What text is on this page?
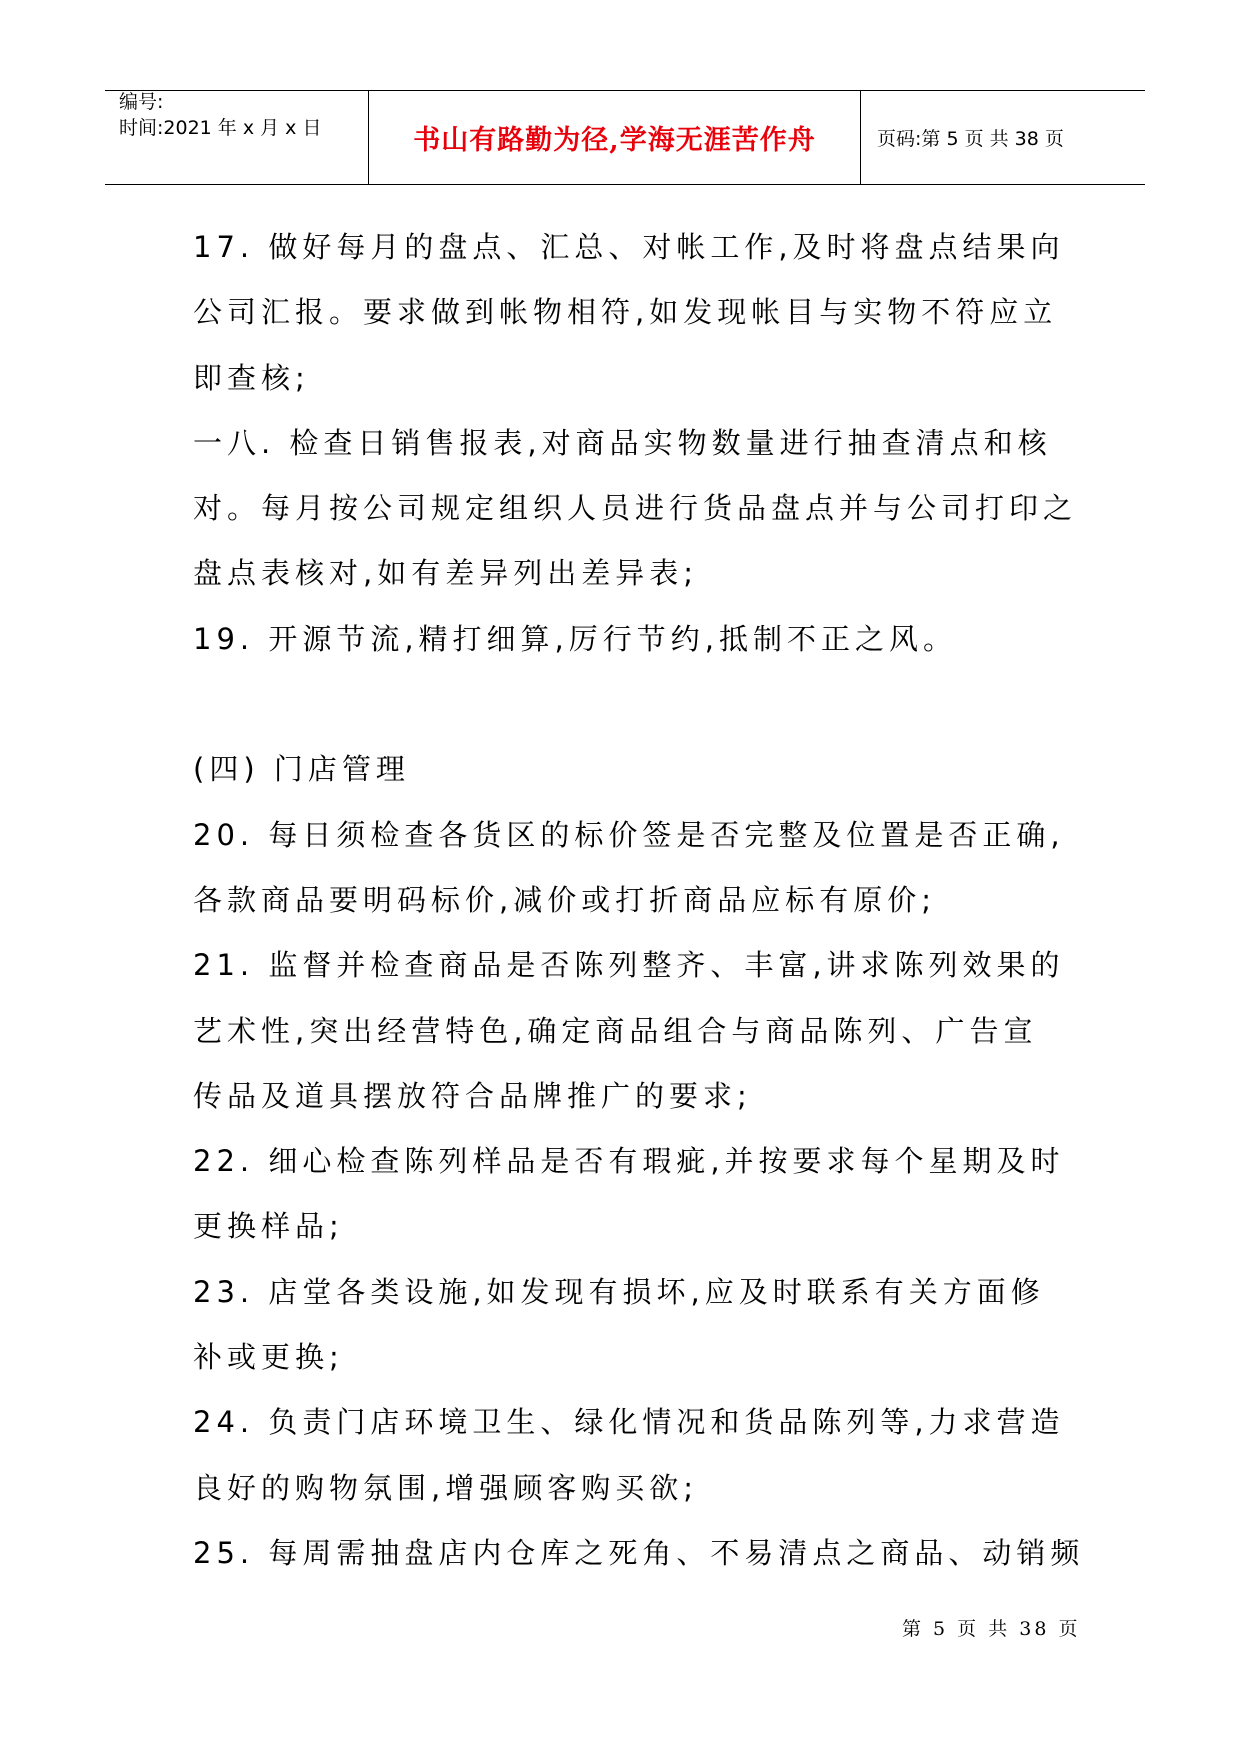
编号:
时间:2021 年 x 月 x 日	书山有路勤为径,学海无涯苦作舟	页码:第 5 页 共 38 页
17. 做好每月的盘点、汇总、对帐工作,及时将盘点结果向
公司汇报。要求做到帐物相符,如发现帐目与实物不符应立
即查核;
一八. 检查日销售报表,对商品实物数量进行抽查清点和核
对。每月按公司规定组织人员进行货品盘点并与公司打印之
盘点表核对,如有差异列出差异表;
19. 开源节流,精打细算,厉行节约,抵制不正之风。
(四) 门店管理
20. 每日须检查各货区的标价签是否完整及位置是否正确,
各款商品要明码标价,减价或打折商品应标有原价;
21. 监督并检查商品是否陈列整齐、丰富,讲求陈列效果的
艺术性,突出经营特色,确定商品组合与商品陈列、广告宣
传品及道具摆放符合品牌推广的要求;
22. 细心检查陈列样品是否有瑕疵,并按要求每个星期及时
更换样品;
23. 店堂各类设施,如发现有损坏,应及时联系有关方面修
补或更换;
24. 负责门店环境卫生、绿化情况和货品陈列等,力求营造
良好的购物氛围,增强顾客购买欲;
25. 每周需抽盘店内仓库之死角、不易清点之商品、动销频
第 5 页 共 38 页
